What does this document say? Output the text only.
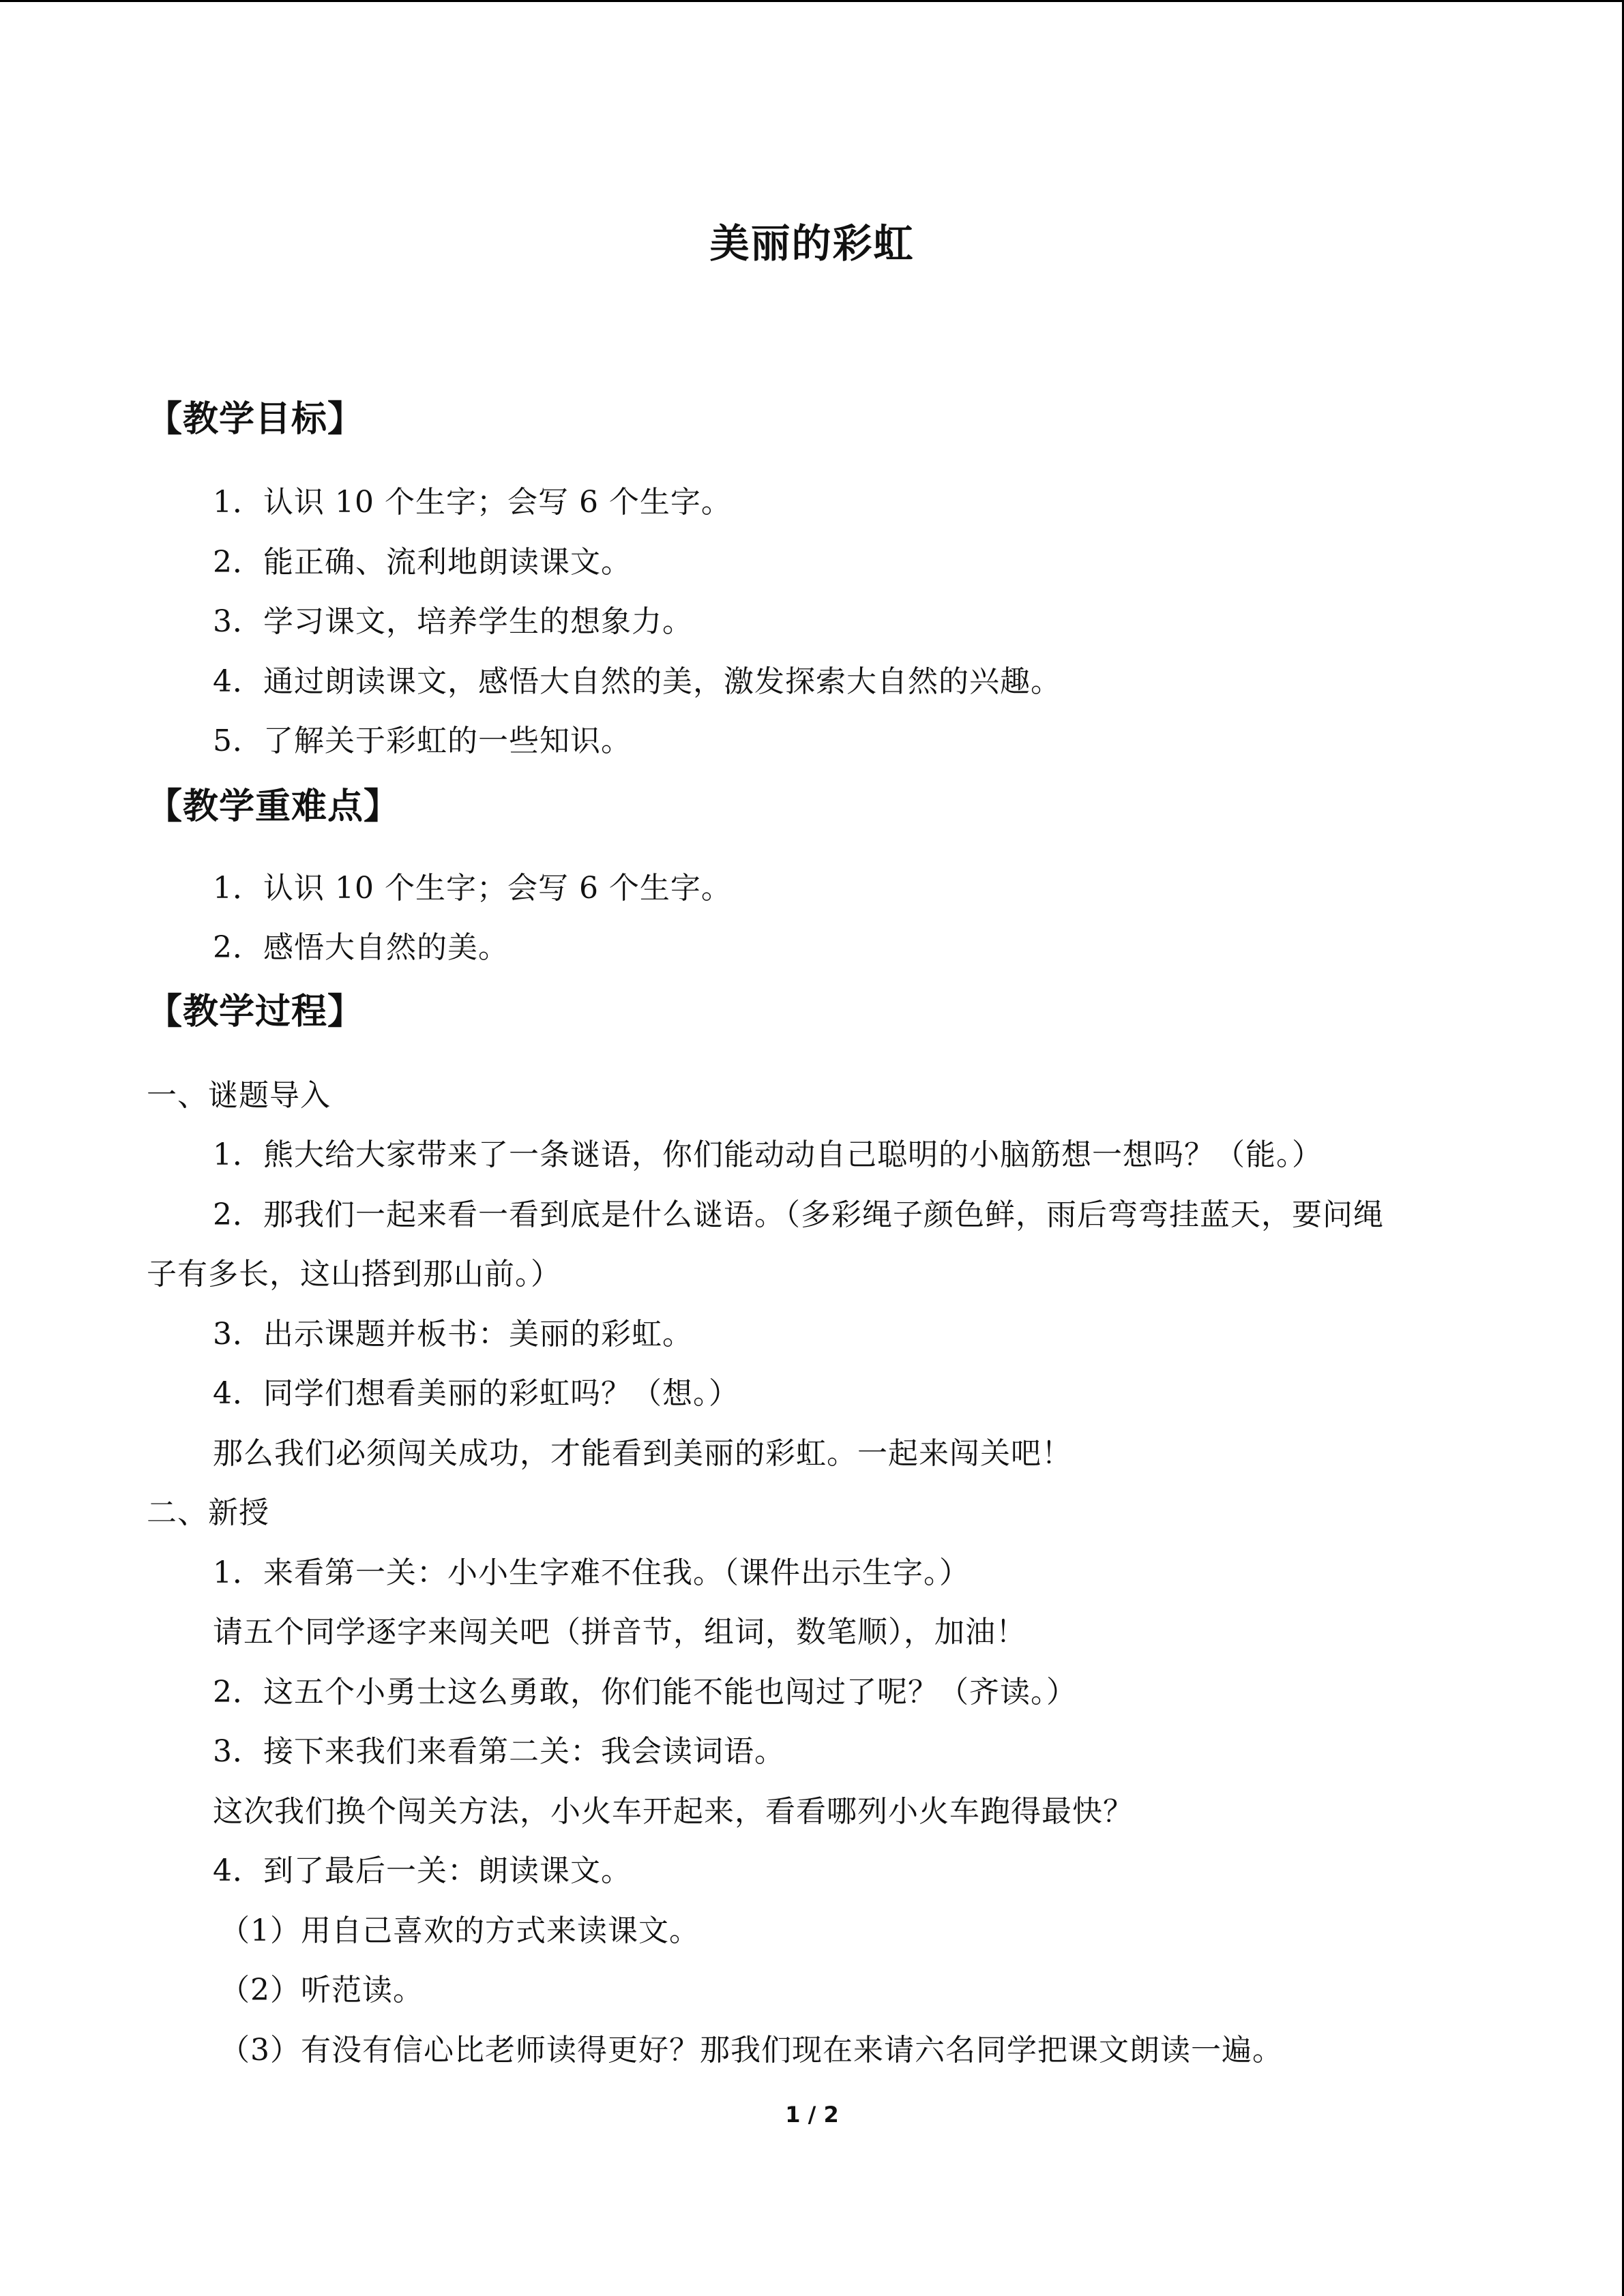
美丽的彩虹
【教学目标】
1．认识 10 个生字；会写 6 个生字。
2．能正确、流利地朗读课文。
3．学习课文，培养学生的想象力。
4．通过朗读课文，感悟大自然的美，激发探索大自然的兴趣。
5．了解关于彩虹的一些知识。
【教学重难点】
1．认识 10 个生字；会写 6 个生字。
2．感悟大自然的美。
【教学过程】
一、谜题导入
1．熊大给大家带来了一条谜语，你们能动动自己聪明的小脑筋想一想吗？（能。）
2．那我们一起来看一看到底是什么谜语。（多彩绳子颜色鲜，雨后弯弯挂蓝天，要问绳
子有多长，这山搭到那山前。）
3．出示课题并板书：美丽的彩虹。
4．同学们想看美丽的彩虹吗？（想。）
那么我们必须闯关成功，才能看到美丽的彩虹。一起来闯关吧！
二、新授
1．来看第一关：小小生字难不住我。（课件出示生字。）
请五个同学逐字来闯关吧（拼音节，组词，数笔顺），加油！
2．这五个小勇士这么勇敢，你们能不能也闯过了呢？（齐读。）
3．接下来我们来看第二关：我会读词语。
这次我们换个闯关方法，小火车开起来，看看哪列小火车跑得最快？
4．到了最后一关：朗读课文。
（1）用自己喜欢的方式来读课文。
（2）听范读。
（3）有没有信心比老师读得更好？那我们现在来请六名同学把课文朗读一遍。
1 / 2
